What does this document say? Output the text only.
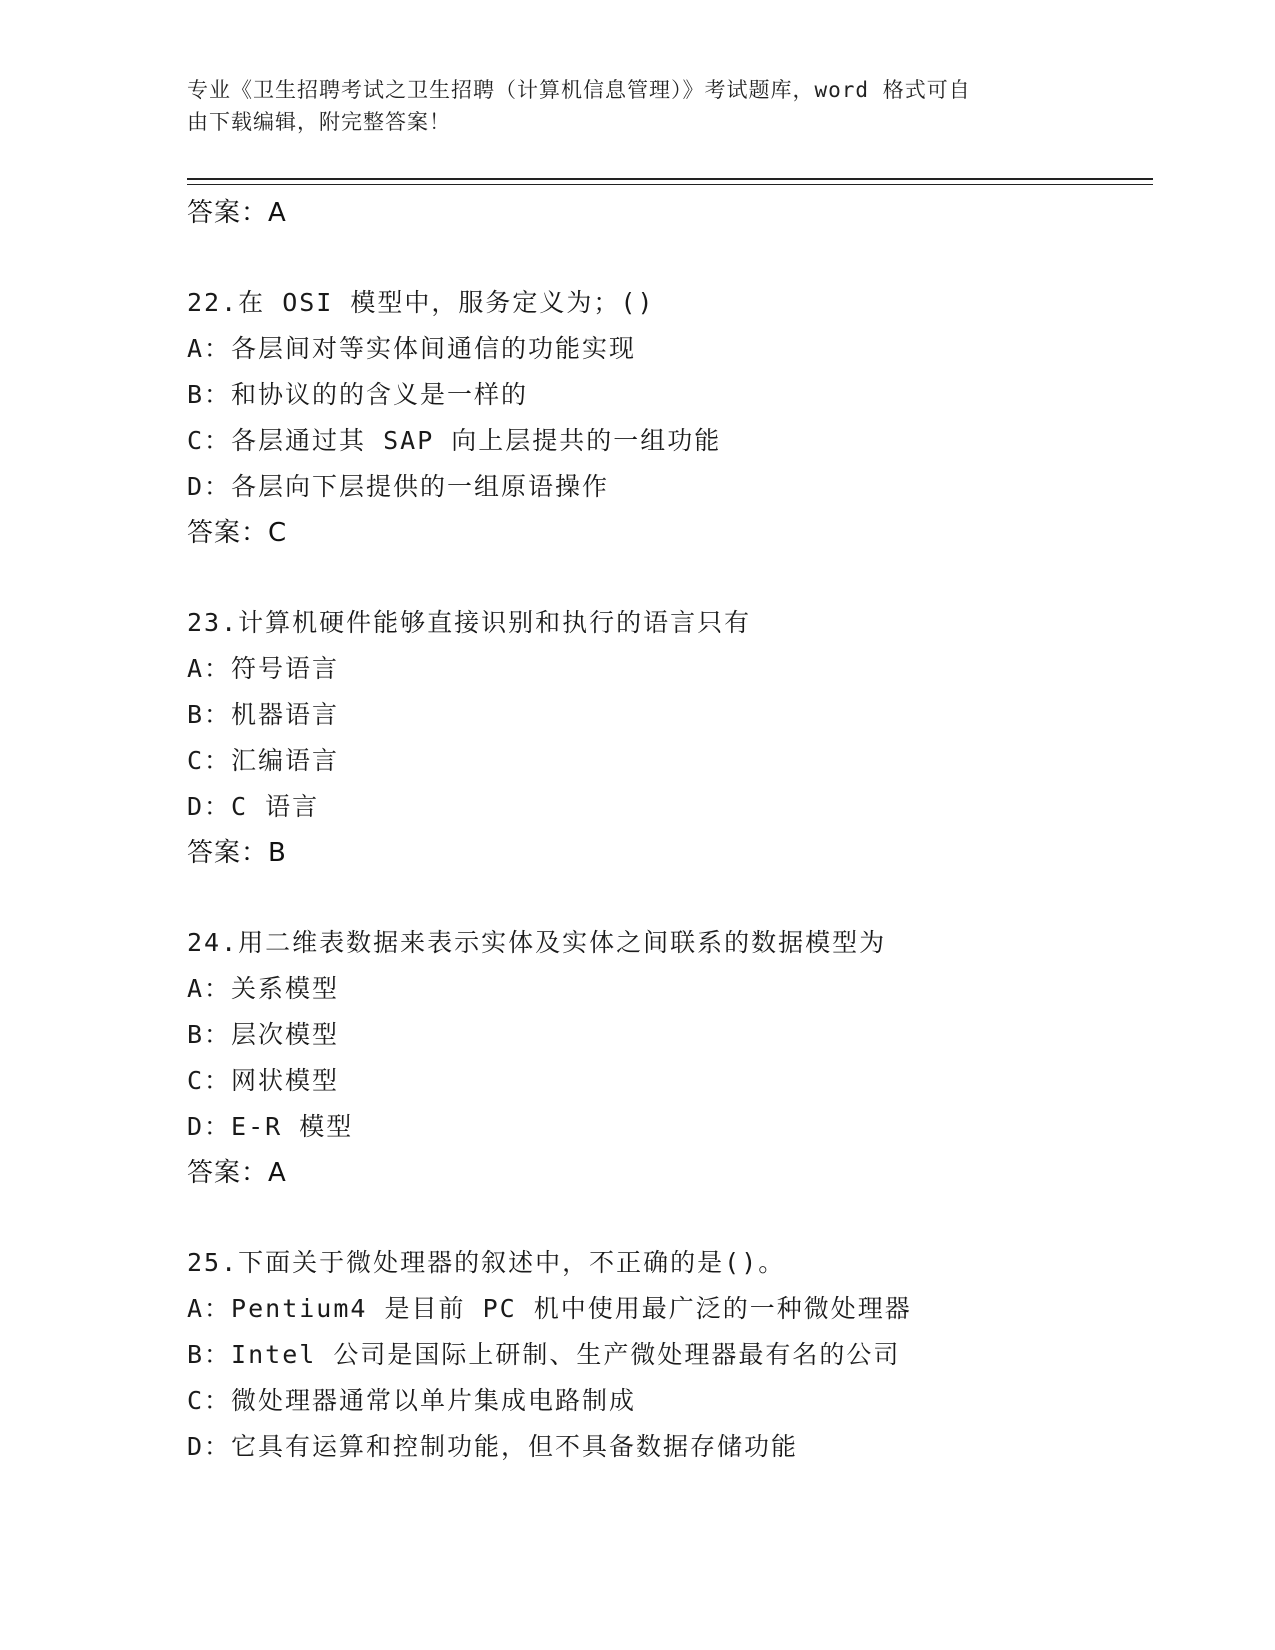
专业《卫生招聘考试之卫生招聘（计算机信息管理）》考试题库，word 格式可自
由下载编辑，附完整答案！
答案：A
22.在 OSI 模型中，服务定义为；()
A：各层间对等实体间通信的功能实现
B：和协议的的含义是一样的
C：各层通过其 SAP 向上层提共的一组功能
D：各层向下层提供的一组原语操作
答案：C
23.计算机硬件能够直接识别和执行的语言只有
A：符号语言
B：机器语言
C：汇编语言
D：C 语言
答案：B
24.用二维表数据来表示实体及实体之间联系的数据模型为
A：关系模型
B：层次模型
C：网状模型
D：E-R 模型
答案：A
25.下面关于微处理器的叙述中，不正确的是()。
A：Pentium4 是目前 PC 机中使用最广泛的一种微处理器
B：Intel 公司是国际上研制、生产微处理器最有名的公司
C：微处理器通常以单片集成电路制成
D：它具有运算和控制功能，但不具备数据存储功能
